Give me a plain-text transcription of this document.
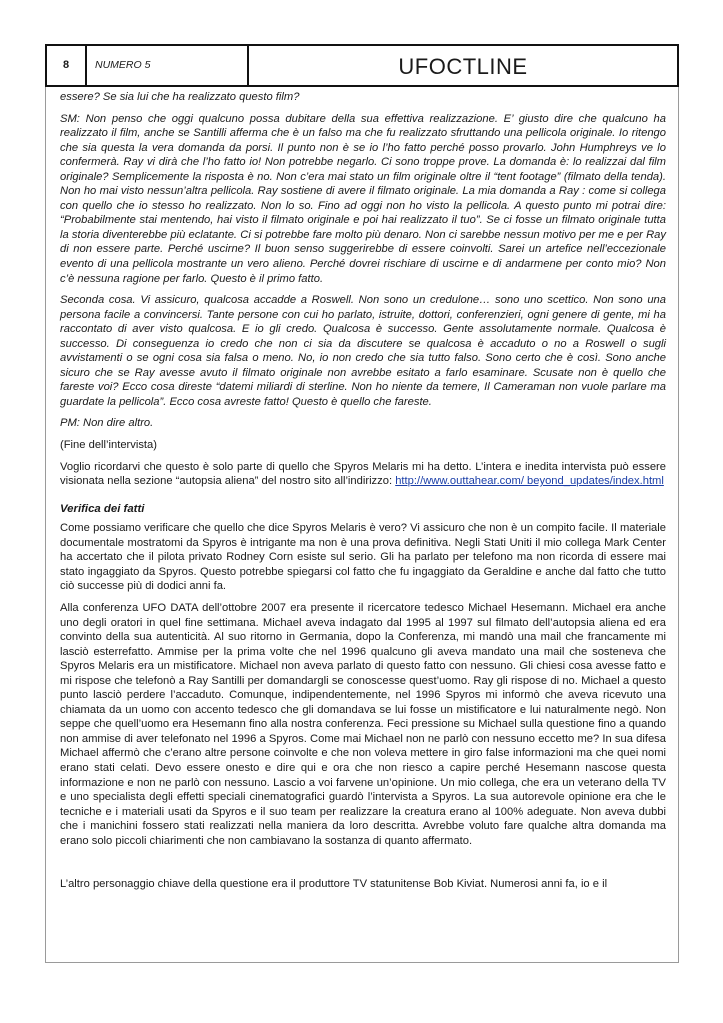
8	NUMERO 5	UFOCTLINE

essere? Se sia lui che ha realizzato questo film?

SM: Non penso che oggi qualcuno possa dubitare della sua effettiva realizzazione. E’ giusto dire che qualcuno ha realizzato il film, anche se Santilli afferma che è un falso ma che fu realizzato sfruttando una pellicola originale. Io ritengo che sia questa la vera domanda da porsi. Il punto non è se io l’ho fatto perché posso provarlo. John Humphreys ve lo confermerà. Ray vi dirà che l’ho fatto io! Non potrebbe negarlo. Ci sono troppe prove. La domanda è: lo realizzai dal film originale? Semplicemente la risposta è no. Non c’era mai stato un film originale oltre il “tent footage” (filmato della tenda). Non ho mai visto nessun’altra pellicola. Ray sostiene di avere il filmato originale. La mia domanda a Ray : come si collega con quello che io stesso ho realizzato. Non lo so. Fino ad oggi non ho visto la pellicola. A questo punto mi potrai dire: “Probabilmente stai mentendo, hai visto il filmato originale e poi hai realizzato il tuo”. Se ci fosse un filmato originale tutta la storia diventerebbe più eclatante. Ci si potrebbe fare molto più denaro. Non ci sarebbe nessun motivo per me e per Ray di non essere parte. Perché uscirne? Il buon senso suggerirebbe di essere coinvolti. Sarei un artefice nell’eccezionale evento di una pellicola mostrante un vero alieno. Perché dovrei rischiare di uscirne e di andarmene per conto mio? Non c’è nessuna ragione per farlo. Questo è il primo fatto.

Seconda cosa. Vi assicuro, qualcosa accadde a Roswell. Non sono un credulone… sono uno scettico. Non sono una persona facile a convincersi. Tante persone con cui ho parlato, istruite, dottori, conferenzieri, ogni genere di gente, mi ha raccontato di aver visto qualcosa. E io gli credo. Qualcosa è successo. Gente assolutamente normale. Qualcosa è successo. Di conseguenza io credo che non ci sia da discutere se qualcosa è accaduto o no a Roswell o sugli avvistamenti o se ogni cosa sia falsa o meno. No, io non credo che sia tutto falso. Sono certo che è così. Sono anche sicuro che se Ray avesse avuto il filmato originale non avrebbe esitato a farlo esaminare. Scusate non è quello che fareste voi? Ecco cosa direste “datemi miliardi di sterline. Non ho niente da temere, Il Cameraman non vuole parlare ma guardate la pellicola”. Ecco cosa avreste fatto! Questo è quello che fareste.

PM: Non dire altro.

(Fine dell’intervista)

Voglio ricordarvi che questo è solo parte di quello che Spyros Melaris mi ha detto. L’intera e inedita intervista può essere visionata nella sezione “autopsia aliena” del nostro sito all’indirizzo: http://www.outtahear.com/ beyond_updates/index.html

Verifica dei fatti

Come possiamo verificare che quello che dice Spyros Melaris è vero? Vi assicuro che non è un compito facile. Il materiale documentale mostratomi da Spyros è intrigante ma non è una prova definitiva. Negli Stati Uniti il mio collega Mark Center ha accertato che il pilota privato Rodney Corn esiste sul serio. Gli ha parlato per telefono ma non ricorda di essere mai stato ingaggiato da Spyros. Questo potrebbe spiegarsi col fatto che fu ingaggiato da Geraldine e anche dal fatto che tutto ciò successe più di dodici anni fa.

Alla conferenza UFO DATA dell’ottobre 2007 era presente il ricercatore tedesco Michael Hesemann. Michael era anche uno degli oratori in quel fine settimana. Michael aveva indagato dal 1995 al 1997 sul filmato dell’autopsia aliena ed era convinto della sua autenticità. Al suo ritorno in Germania, dopo la Conferenza, mi mandò una mail che francamente mi lasciò esterrefatto. Ammise per la prima volte che nel 1996 qualcuno gli aveva mandato una mail che sosteneva che Spyros Melaris era un mistificatore. Michael non aveva parlato di questo fatto con nessuno. Gli chiesi cosa avesse fatto e mi rispose che telefonò a Ray Santilli per domandargli se conoscesse quest’uomo. Ray gli rispose di no. Michael a questo punto lasciò perdere l’accaduto. Comunque, indipendentemente, nel 1996 Spyros mi informò che aveva ricevuto una chiamata da un uomo con accento tedesco che gli domandava se lui fosse un mistificatore e lui naturalmente negò. Non seppe che quell’uomo era Hesemann fino alla nostra conferenza. Feci pressione su Michael sulla questione fino a quando non ammise di aver telefonato nel 1996 a Spyros. Come mai Michael non ne parlò con nessuno eccetto me? In sua difesa Michael affermò che c’erano altre persone coinvolte e che non voleva mettere in giro false informazioni ma che quei nomi erano stati celati. Devo essere onesto e dire qui e ora che non riesco a capire perché Hesemann nascose questa informazione e non ne parlò con nessuno. Lascio a voi farvene un’opinione. Un mio collega, che era un veterano della TV e uno specialista degli effetti speciali cinematografici guardò l’intervista a Spyros. La sua autorevole opinione era che le tecniche e i materiali usati da Spyros e il suo team per realizzare la creatura erano al 100% adeguate. Non aveva dubbi che i manichini fossero stati realizzati nella maniera da loro descritta. Avrebbe voluto fare qualche altra domanda ma erano solo piccoli chiarimenti che non cambiavano la sostanza di quanto affermato.

L’altro personaggio chiave della questione era il produttore TV statunitense Bob Kiviat. Numerosi anni fa, io e il
